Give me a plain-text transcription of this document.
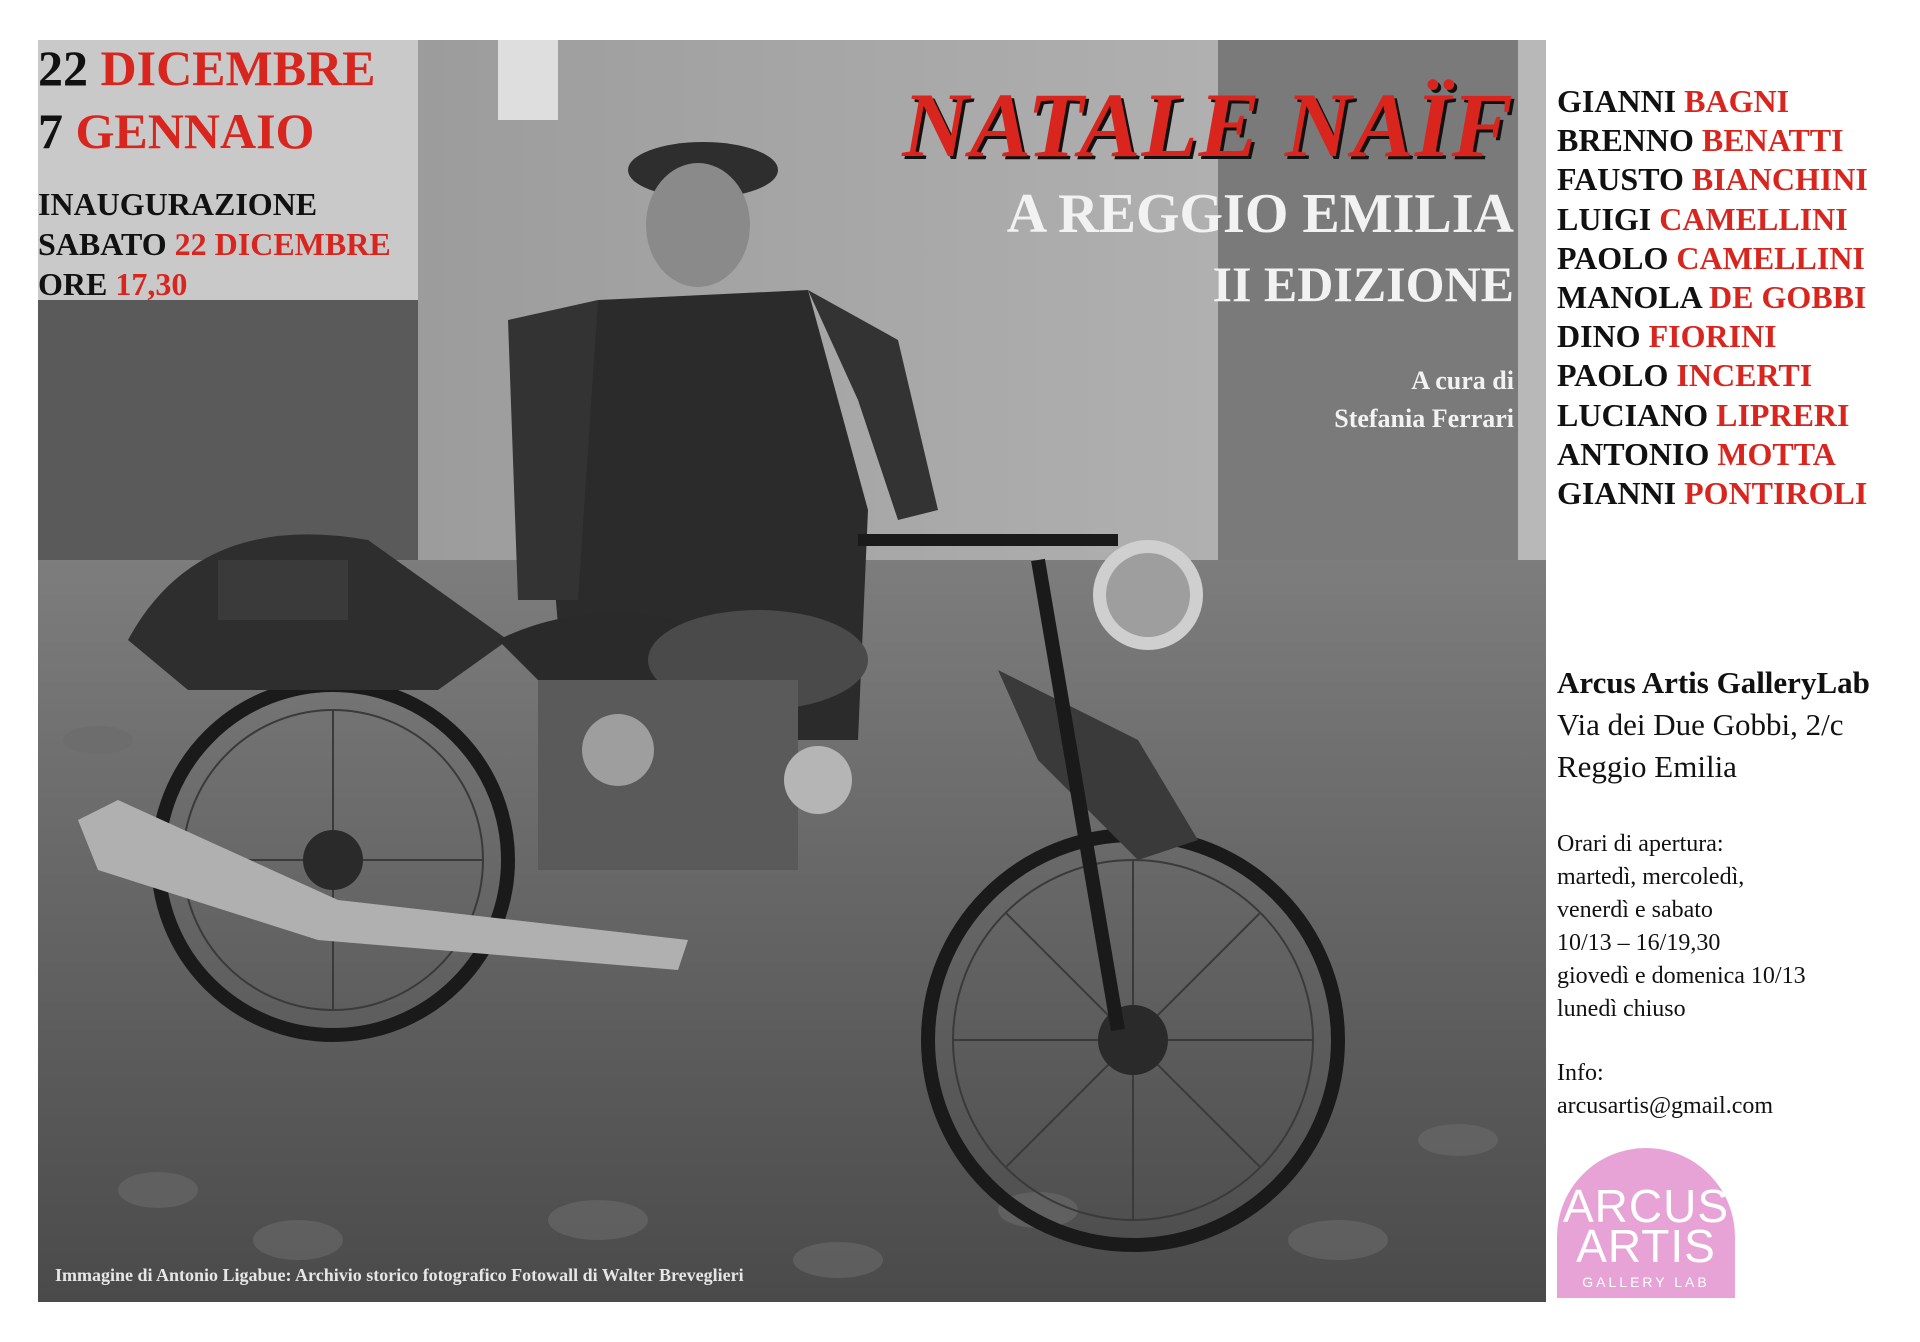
22 DICEMBRE
7 GENNAIO
INAUGURAZIONE
SABATO 22 DICEMBRE
ORE 17,30
NATALE NAÏF
A REGGIO EMILIA
II EDIZIONE
A cura di
Stefania Ferrari
GIANNI BAGNI
BRENNO BENATTI
FAUSTO BIANCHINI
LUIGI CAMELLINI
PAOLO CAMELLINI
MANOLA DE GOBBI
DINO FIORINI
PAOLO INCERTI
LUCIANO LIPRERI
ANTONIO MOTTA
GIANNI PONTIROLI
Arcus Artis GalleryLab
Via dei Due Gobbi, 2/c
Reggio Emilia
Orari di apertura:
martedì, mercoledì,
venerdì e sabato
10/13 – 16/19,30
giovedì e domenica 10/13
lunedì chiuso
Info:
arcusartis@gmail.com
ARCUS
ARTIS
GALLERY LAB
Immagine di Antonio Ligabue: Archivio storico fotografico Fotowall di Walter Breveglieri
